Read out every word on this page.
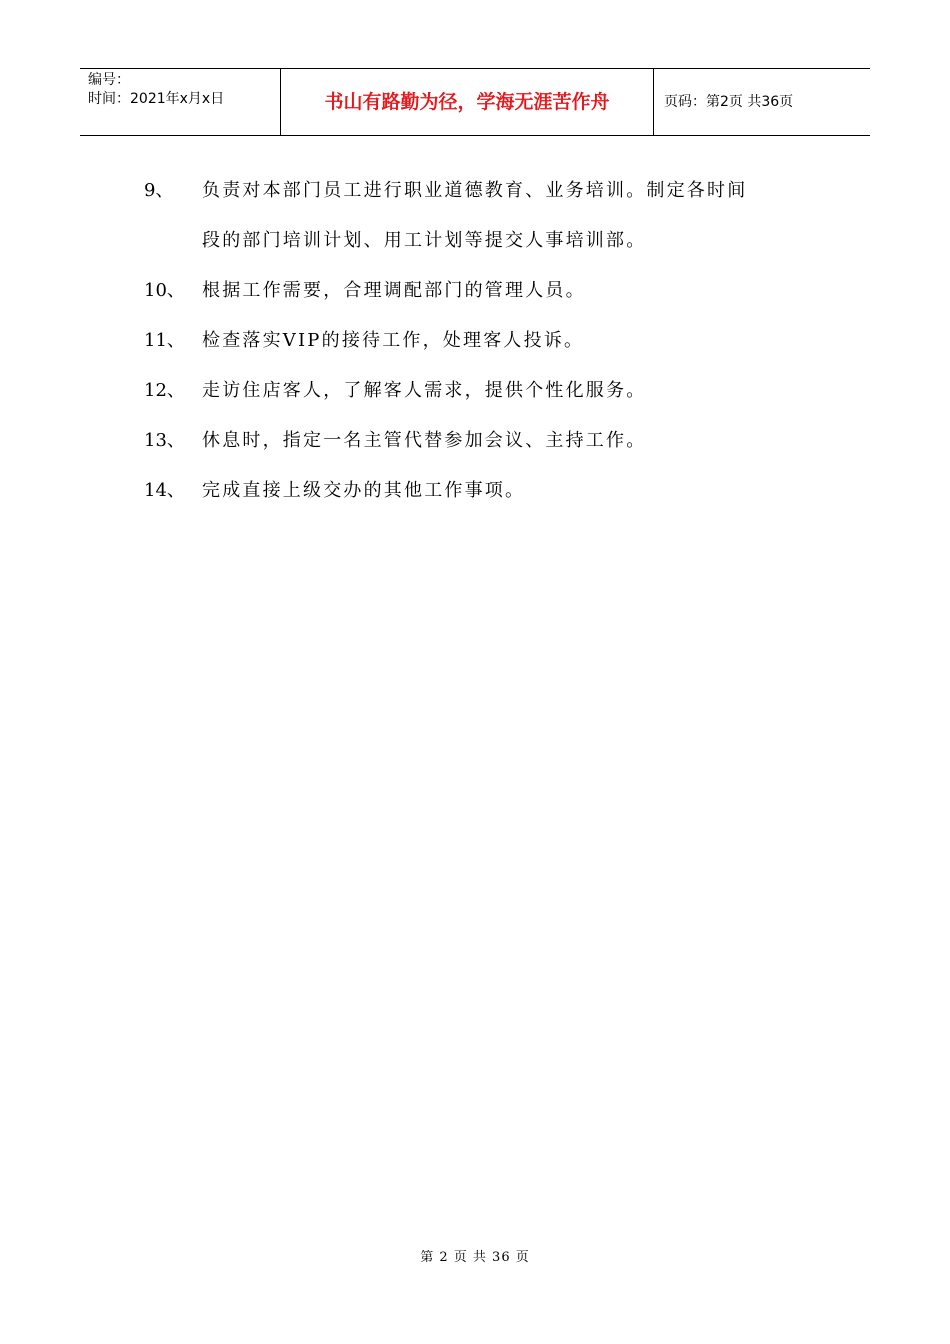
编号：
时间：2021年x月x日	书山有路勤为径，学海无涯苦作舟	页码：第2页 共36页
9、 负责对本部门员工进行职业道德教育、业务培训。制定各时间
段的部门培训计划、用工计划等提交人事培训部。
10、 根据工作需要，合理调配部门的管理人员。
11、 检查落实VIP的接待工作，处理客人投诉。
12、 走访住店客人，了解客人需求，提供个性化服务。
13、 休息时，指定一名主管代替参加会议、主持工作。
14、 完成直接上级交办的其他工作事项。
第 2 页 共 36 页
